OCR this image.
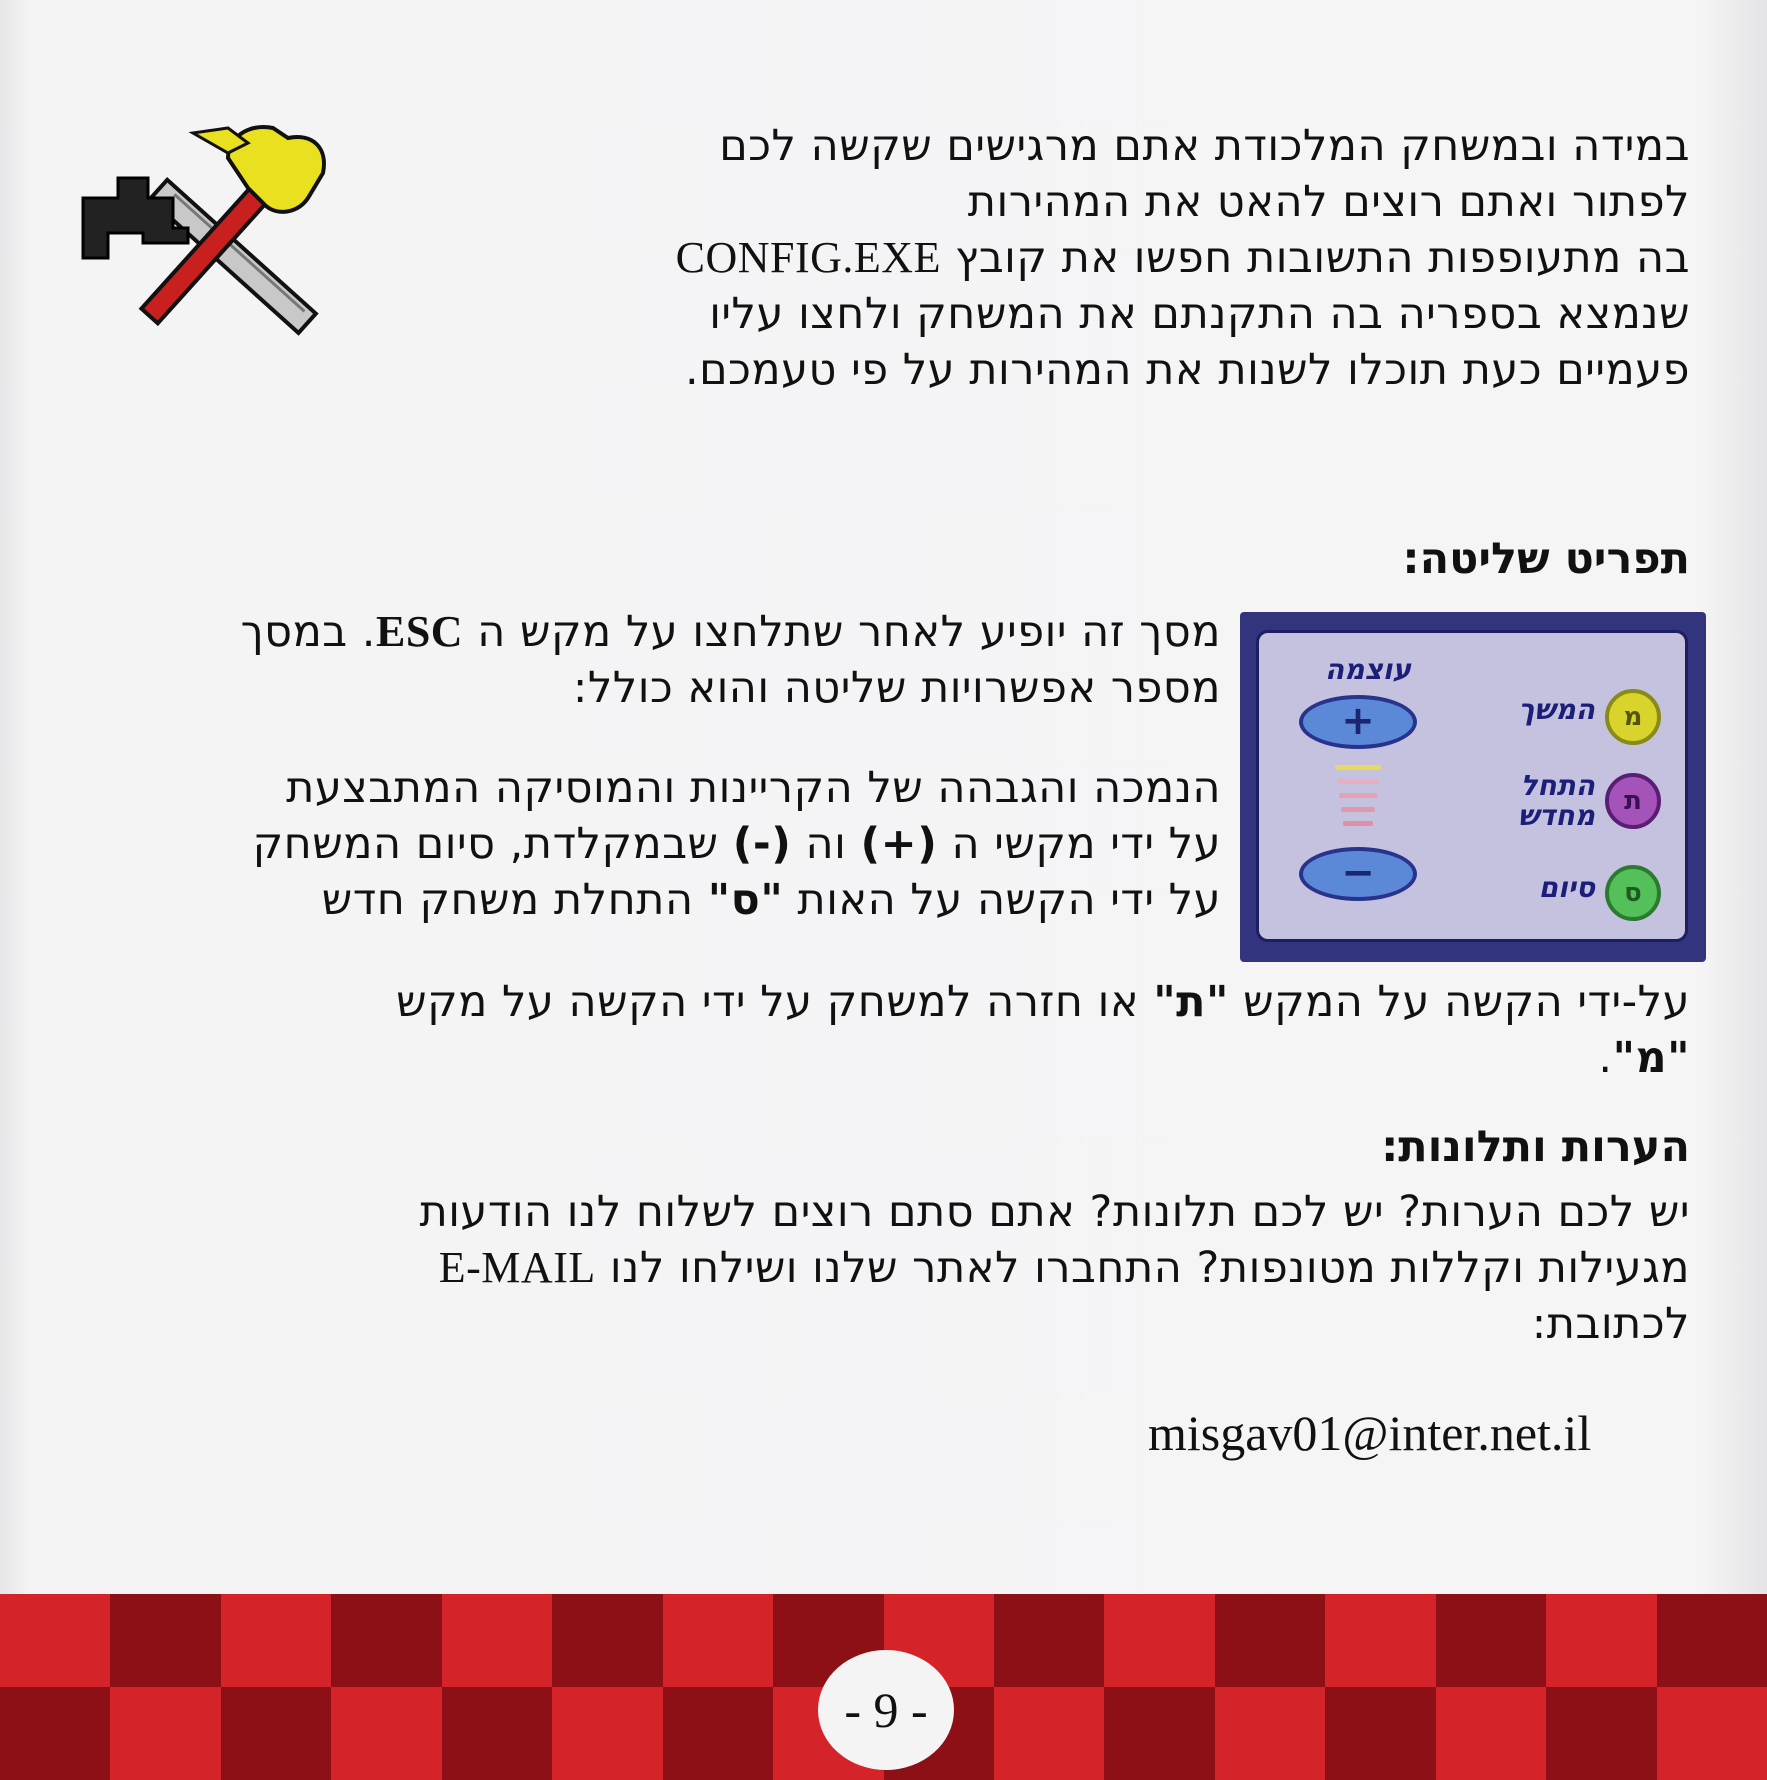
במידה ובמשחק המלכודת אתם מרגישים שקשה לכם
לפתור ואתם רוצים להאט את המהירות
בה מתעופפות התשובות חפשו את קובץ CONFIG.EXE
שנמצא בספריה בה התקנתם את המשחק ולחצו עליו
פעמיים כעת תוכלו לשנות את המהירות על פי טעמכם.
תפריט שליטה:
מסך זה יופיע לאחר שתלחצו על מקש ה ESC. במסך
מספר אפשרויות שליטה והוא כולל:
הנמכה והגבהה של הקריינות והמוסיקה המתבצעת
על ידי מקשי ה (+) וה (-) שבמקלדת, סיום המשחק
על ידי הקשה על האות "ס" התחלת משחק חדש
על-ידי הקשה על המקש "ת" או חזרה למשחק על ידי הקשה על מקש
"מ".
עוצמה
+
−
המשך	מ
התחל מחדש	ת
סיום	ס
הערות ותלונות:
יש לכם הערות? יש לכם תלונות? אתם סתם רוצים לשלוח לנו הודעות
מגעילות וקללות מטונפות? התחברו לאתר שלנו ושילחו לנו E-MAIL
לכתובת:
misgav01@inter.net.il
- 9 -
